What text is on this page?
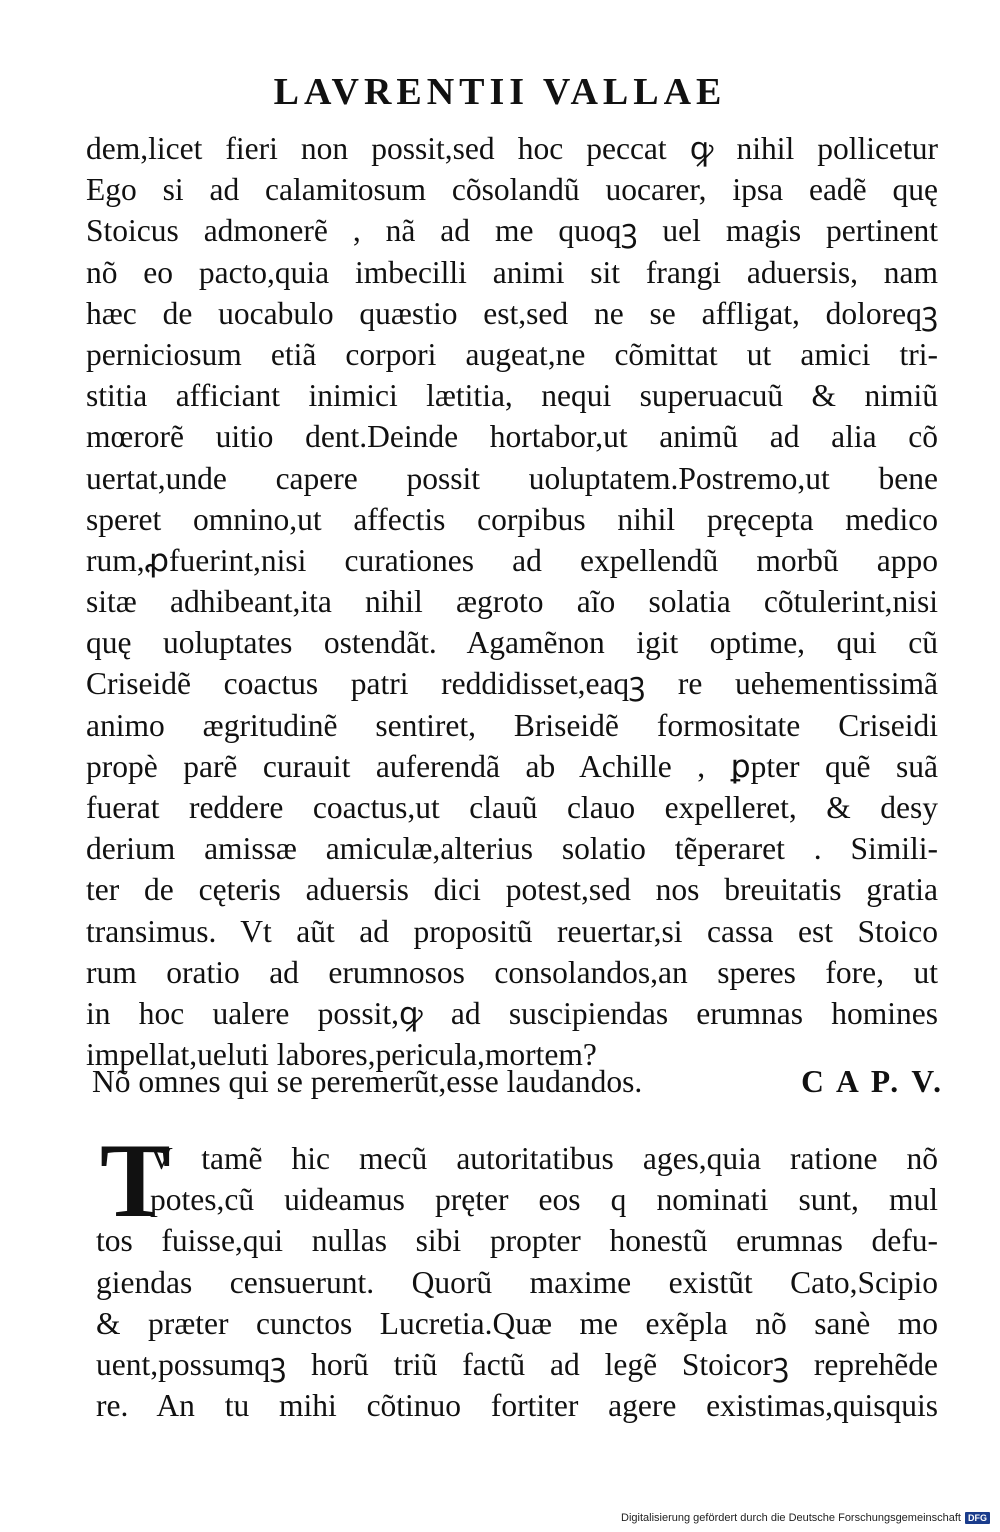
LAVRENTII VALLAE
dem,licet fieri non possit,sed hoc peccat ꝙ nihil pollicetur
Ego si ad calamitosum cõsolandũ uocarer, ipsa eadẽ quę
Stoicus admonerẽ , nã ad me quoqꝫ uel magis pertinent
nõ eo pacto,quia imbecilli animi sit frangi aduersis, nam
hæc de uocabulo quæstio est,sed ne se affligat, doloreqꝫ
perniciosum etiã corpori augeat,ne cõmittat ut amici tri-
stitia afficiant inimici lætitia, nequi superuacuũ & nimiũ
mœrorẽ uitio dent.Deinde hortabor,ut animũ ad alia cõ
uertat,unde capere possit uoluptatem.Postremo,ut bene
speret omnino,ut affectis corpibus nihil pręcepta medico
rum,ꝓfuerint,nisi curationes ad expellendũ morbũ appo
sitæ adhibeant,ita nihil ægroto aĩo solatia cõtulerint,nisi
quę uoluptates ostendãt. Agamẽnon igit optime, qui cũ
Criseidẽ coactus patri reddidisset,eaqꝫ re uehementissimã
animo ægritudinẽ sentiret, Briseidẽ formositate Criseidi
propè parẽ curauit auferendã ab Achille , ꝑpter quẽ suã
fuerat reddere coactus,ut clauũ clauo expelleret, & desy
derium amissæ amiculæ,alterius solatio tẽperaret . Simili-
ter de cęteris aduersis dici potest,sed nos breuitatis gratia
transimus. Vt aũt ad propositũ reuertar,si cassa est Stoico
rum oratio ad erumnosos consolandos,an speres fore, ut
in hoc ualere possit,ꝙ ad suscipiendas erumnas homines
impellat,ueluti labores,pericula,mortem?
Nõ omnes qui se peremerũt,esse laudandos.	C A P. V.
T
V tamẽ hic mecũ autoritatibus ages,quia ratione nõ
potes,cũ uideamus pręter eos q nominati sunt, mul
tos fuisse,qui nullas sibi propter honestũ erumnas defu-
giendas censuerunt. Quorũ maxime existũt Cato,Scipio
& præter cunctos Lucretia.Quæ me exẽpla nõ sanè mo
uent,possumqꝫ horũ triũ factũ ad legẽ Stoicorꝫ reprehẽde
re. An tu mihi cõtinuo fortiter agere existimas,quisquis
Digitalisierung gefördert durch die Deutsche Forschungsgemeinschaft DFG
